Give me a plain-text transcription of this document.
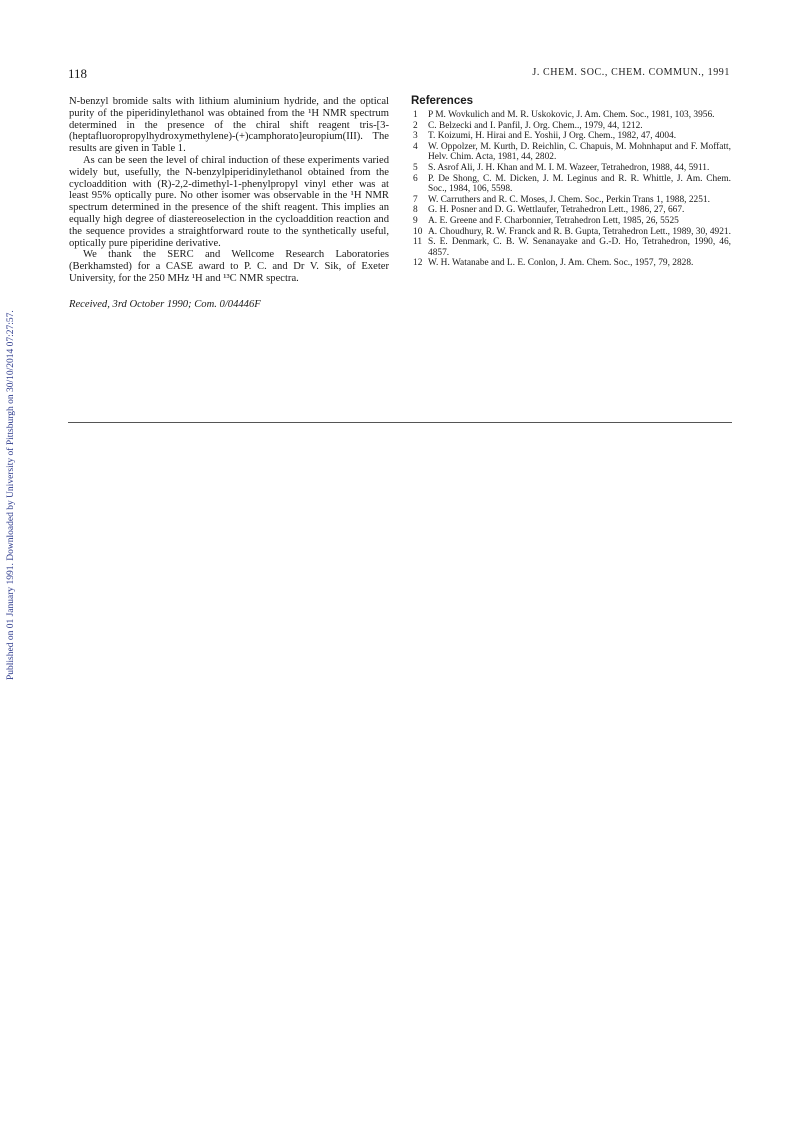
Published on 01 January 1991. Downloaded by University of Pittsburgh on 30/10/2014 07:27:57.
118	J. CHEM. SOC., CHEM. COMMUN., 1991

N-benzyl bromide salts with lithium aluminium hydride, and the optical purity of the piperidinylethanol was obtained from the ¹H NMR spectrum determined in the presence of the chiral shift reagent tris-[3-(heptafluoropropylhydroxymethylene)-(+)camphorato]europium(III). The results are given in Table 1.

As can be seen the level of chiral induction of these experiments varied widely but, usefully, the N-benzylpiperidinylethanol obtained from the cycloaddition with (R)-2,2-dimethyl-1-phenylpropyl vinyl ether was at least 95% optically pure. No other isomer was observable in the ¹H NMR spectrum determined in the presence of the shift reagent. This implies an equally high degree of diastereoselection in the cycloaddition reaction and the sequence provides a straightforward route to the synthetically useful, optically pure piperidine derivative.

We thank the SERC and Wellcome Research Laboratories (Berkhamsted) for a CASE award to P. C. and Dr V. Sik, of Exeter University, for the 250 MHz ¹H and ¹³C NMR spectra.

Received, 3rd October 1990; Com. 0/04446F

References
1	P M. Wovkulich and M. R. Uskokovic, J. Am. Chem. Soc., 1981, 103, 3956.
2	C. Belzecki and I. Panfil, J. Org. Chem.., 1979, 44, 1212.
3	T. Koizumi, H. Hirai and E. Yoshii, J Org. Chem., 1982, 47, 4004.
4	W. Oppolzer, M. Kurth, D. Reichlin, C. Chapuis, M. Mohnhaput and F. Moffatt, Helv. Chim. Acta, 1981, 44, 2802.
5	S. Asrof Ali, J. H. Khan and M. I. M. Wazeer, Tetrahedron, 1988, 44, 5911.
6	P. De Shong, C. M. Dicken, J. M. Leginus and R. R. Whittle, J. Am. Chem. Soc., 1984, 106, 5598.
7	W. Carruthers and R. C. Moses, J. Chem. Soc., Perkin Trans 1, 1988, 2251.
8	G. H. Posner and D. G. Wettlaufer, Tetrahedron Lett., 1986, 27, 667.
9	A. E. Greene and F. Charbonnier, Tetrahedron Lett, 1985, 26, 5525
10 A. Choudhury, R. W. Franck and R. B. Gupta, Tetrahedron Lett., 1989, 30, 4921.
11 S. E. Denmark, C. B. W. Senanayake and G.-D. Ho, Tetrahedron, 1990, 46, 4857.
12 W. H. Watanabe and L. E. Conlon, J. Am. Chem. Soc., 1957, 79, 2828.
